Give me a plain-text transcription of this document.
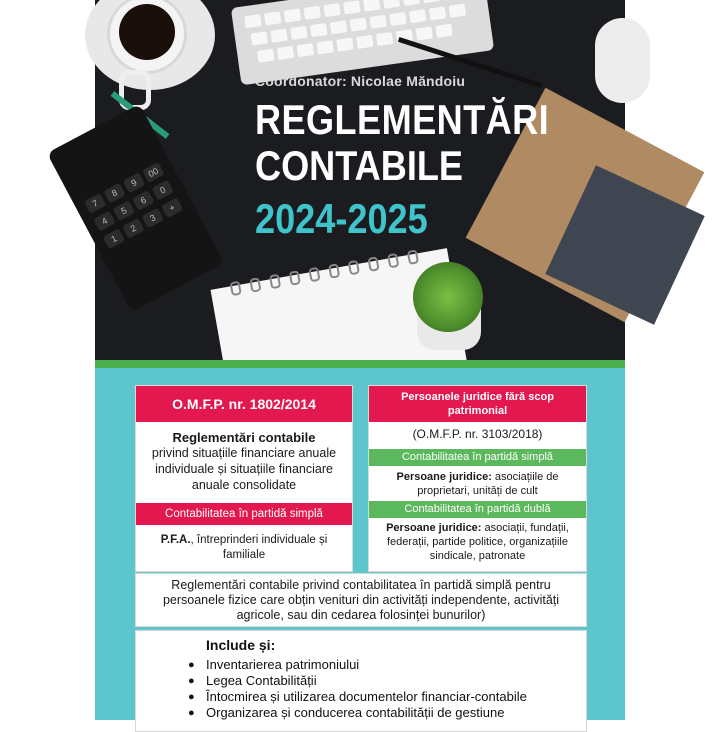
7
8
9
00
4
5
6
0
1
2
3
+
Coordonator: Nicolae Măndoiu
REGLEMENTĂRI
CONTABILE
2024-2025
O.M.F.P. nr. 1802/2014
Reglementări contabile
privind situațiile financiare anuale individuale și situațiile financiare anuale consolidate
Contabilitatea în partidă simplă
P.F.A., întreprinderi individuale și familiale
Persoanele juridice fără scop patrimonial
(O.M.F.P. nr. 3103/2018)
Contabilitatea în partidă simplă
Persoane juridice: asociațiile de proprietari, unități de cult
Contabilitatea în partidă dublă
Persoane juridice: asociații, fundații, federații, partide politice, organizațiile sindicale, patronate
Reglementări contabile privind contabilitatea în partidă simplă pentru persoanele fizice care obțin venituri din activități independente, activități agricole, sau din cedarea folosinței bunurilor)
Include și:
● Inventarierea patrimoniului
● Legea Contabilității
● Întocmirea și utilizarea documentelor financiar-contabile
● Organizarea și conducerea contabilității de gestiune
